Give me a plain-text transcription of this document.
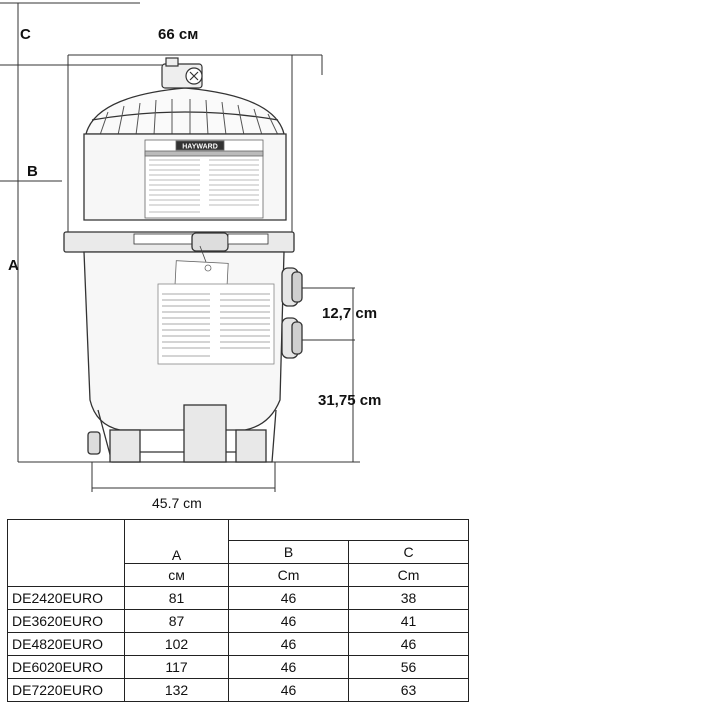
HAYWARD
C	66 см
B
A
12,7 cm
31,75 cm
45.7 cm
	A		
		B	C
	см	Cm	Cm
DE2420EURO	81	46	38
DE3620EURO	87	46	41
DE4820EURO	102	46	46
DE6020EURO	117	46	56
DE7220EURO	132	46	63
